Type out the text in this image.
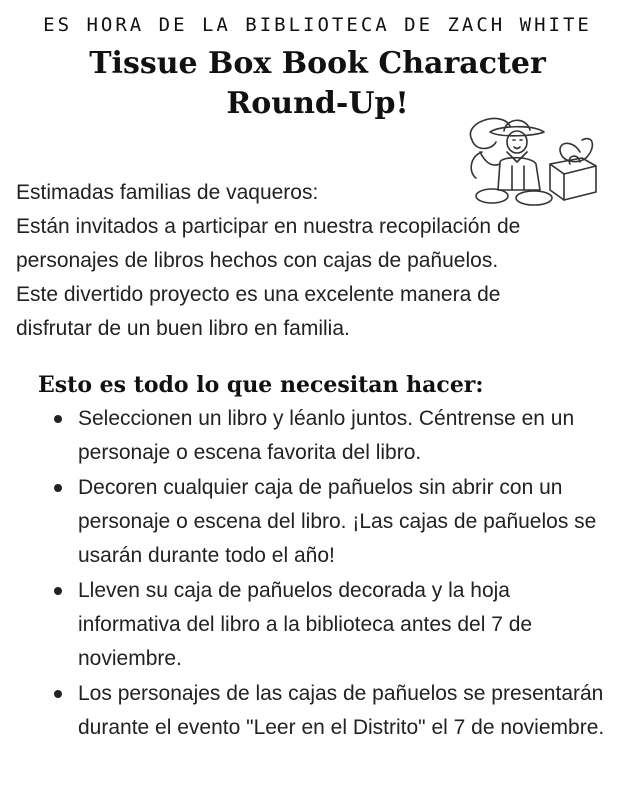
ES HORA DE LA BIBLIOTECA DE ZACH WHITE
Tissue Box Book Character
Round-Up!
Estimadas familias de vaqueros:
Están invitados a participar en nuestra recopilación de
personajes de libros hechos con cajas de pañuelos.
Este divertido proyecto es una excelente manera de
disfrutar de un buen libro en familia.
Esto es todo lo que necesitan hacer:
Seleccionen un libro y léanlo juntos. Céntrense en un personaje o escena favorita del libro.
Decoren cualquier caja de pañuelos sin abrir con un personaje o escena del libro. ¡Las cajas de pañuelos se usarán durante todo el año!
Lleven su caja de pañuelos decorada y la hoja informativa del libro a la biblioteca antes del 7 de noviembre.
Los personajes de las cajas de pañuelos se presentarán durante el evento "Leer en el Distrito" el 7 de noviembre.
